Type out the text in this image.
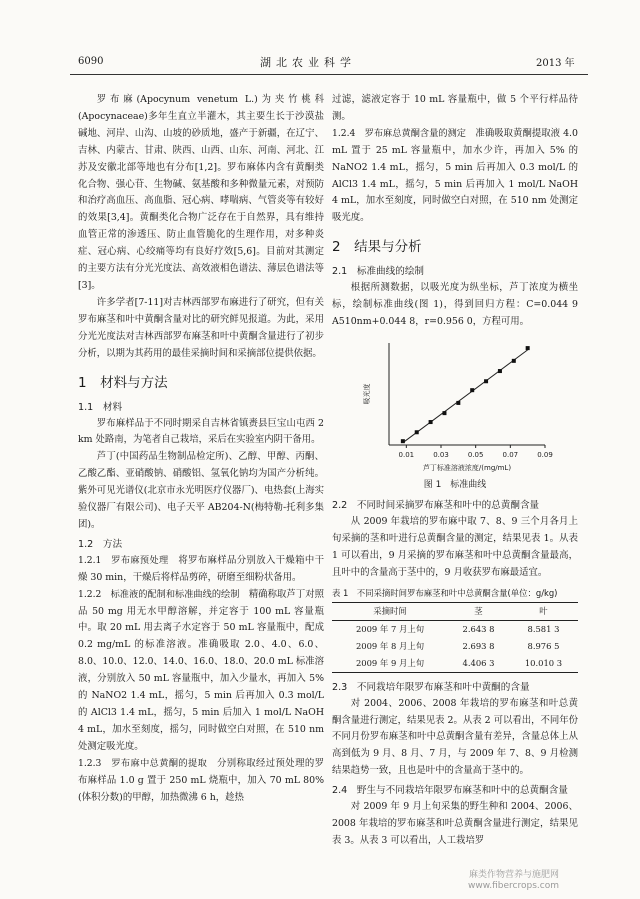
6090	湖北农业科学	2013 年

罗布麻(Apocynum venetum L.)为夹竹桃科(Apocynaceae)多年生直立半灌木，其主要生长于沙漠盐碱地、河岸、山沟、山坡的砂质地，盛产于新疆，在辽宁、吉林、内蒙古、甘肃、陕西、山西、山东、河南、河北、江苏及安徽北部等地也有分布[1,2]。罗布麻体内含有黄酮类化合物、强心苷、生物碱、氨基酸和多种微量元素，对预防和治疗高血压、高血脂、冠心病、哮喘病、气管炎等有较好的效果[3,4]。黄酮类化合物广泛存在于自然界，具有维持血管正常的渗透压、防止血管脆化的生理作用，对多种炎症、冠心病、心绞痛等均有良好疗效[5,6]。目前对其测定的主要方法有分光光度法、高效液相色谱法、薄层色谱法等[3]。

许多学者[7-11]对吉林西部罗布麻进行了研究，但有关罗布麻茎和叶中黄酮含量对比的研究鲜见报道。为此，采用分光光度法对吉林西部罗布麻茎和叶中黄酮含量进行了初步分析，以期为其药用的最佳采摘时间和采摘部位提供依据。

1　材料与方法
1.1　材料

罗布麻样品于不同时期采自吉林省镇赉县巨宝山屯西 2 km 处路南，为笔者自己栽培，采后在实验室内阴干备用。

芦丁(中国药品生物制品检定所)、乙醇、甲醇、丙酮、乙酸乙酯、亚硝酸钠、硝酸铝、氢氧化钠均为国产分析纯。紫外可见光谱仪(北京市永光明医疗仪器厂)、电热套(上海实验仪器厂有限公司)、电子天平 AB204-N(梅特勒-托利多集团)。

1.2　方法

1.2.1　罗布麻预处理　 将罗布麻样品分别放入干燥箱中干燥 30 min，干燥后将样品剪碎，研磨至细粉状备用。

1.2.2　标准液的配制和标准曲线的绘制　 精确称取芦丁对照品 50 mg 用无水甲醇溶解，并定容于 100 mL 容量瓶中。取 20 mL 用去离子水定容于 50 mL 容量瓶中，配成 0.2 mg/mL 的标准溶液。准确吸取 2.0、4.0、6.0、8.0、10.0、12.0、14.0、16.0、18.0、20.0 mL 标准溶液，分别放入 50 mL 容量瓶中，加入少量水，再加入 5% 的 NaNO2 1.4 mL，摇匀，5 min 后再加入 0.3 mol/L 的 AlCl3 1.4 mL，摇匀，5 min 后加入 1 mol/L NaOH 4 mL，加水至刻度，摇匀，同时做空白对照，在 510 nm 处测定吸光度。

1.2.3　罗布麻中总黄酮的提取　 分别称取经过预处理的罗布麻样品 1.0 g 置于 250 mL 烧瓶中，加入 70 mL 80%(体积分数)的甲醇，加热微沸 6 h，趁热

过滤，滤液定容于 10 mL 容量瓶中，做 5 个平行样品待测。

1.2.4　罗布麻总黄酮含量的测定　 准确吸取黄酮提取液 4.0 mL 置于 25 mL 容量瓶中，加水少许，再加入 5% 的 NaNO2 1.4 mL，摇匀，5 min 后再加入 0.3 mol/L 的 AlCl3 1.4 mL，摇匀，5 min 后再加入 1 mol/L NaOH 4 mL，加水至刻度，同时做空白对照，在 510 nm 处测定吸光度。

2　结果与分析
2.1　标准曲线的绘制

根据所测数据，以吸光度为纵坐标，芦丁浓度为横坐标，绘制标准曲线(图 1)，得到回归方程：C=0.044 9 A510nm+0.044 8，r=0.956 0，方程可用。

0.01	0.03	0.05	0.07	0.09
吸光度
芦丁标准溶液浓度/(mg/mL)
图 1　标准曲线
2.2　不同时间采摘罗布麻茎和叶中的总黄酮含量

从 2009 年栽培的罗布麻中取 7、8、9 三个月各月上旬采摘的茎和叶进行总黄酮含量的测定，结果见表 1。从表 1 可以看出，9 月采摘的罗布麻茎和叶中总黄酮含量最高，且叶中的含量高于茎中的，9 月收获罗布麻最适宜。

表 1　不同采摘时间罗布麻茎和叶中总黄酮含量(单位：g/kg)
采摘时间	茎	叶
2009 年 7 月上旬	2.643 8	8.581 3
2009 年 8 月上旬	2.693 8	8.976 5
2009 年 9 月上旬	4.406 3	10.010 3
2.3　不同栽培年限罗布麻茎和叶中黄酮的含量

对 2004、2006、2008 年栽培的罗布麻茎和叶总黄酮含量进行测定，结果见表 2。从表 2 可以看出，不同年份不同月份罗布麻茎和叶中总黄酮含量有差异，含量总体上从高到低为 9 月、8 月、7 月，与 2009 年 7、8、9 月检测结果趋势一致，且也是叶中的含量高于茎中的。

2.4　野生与不同栽培年限罗布麻茎和叶中的总黄酮含量

对 2009 年 9 月上旬采集的野生种和 2004、2006、2008 年栽培的罗布麻茎和叶总黄酮含量进行测定，结果见表 3。从表 3 可以看出，人工栽培罗

麻类作物营养与施肥网
www.fibercrops.com
